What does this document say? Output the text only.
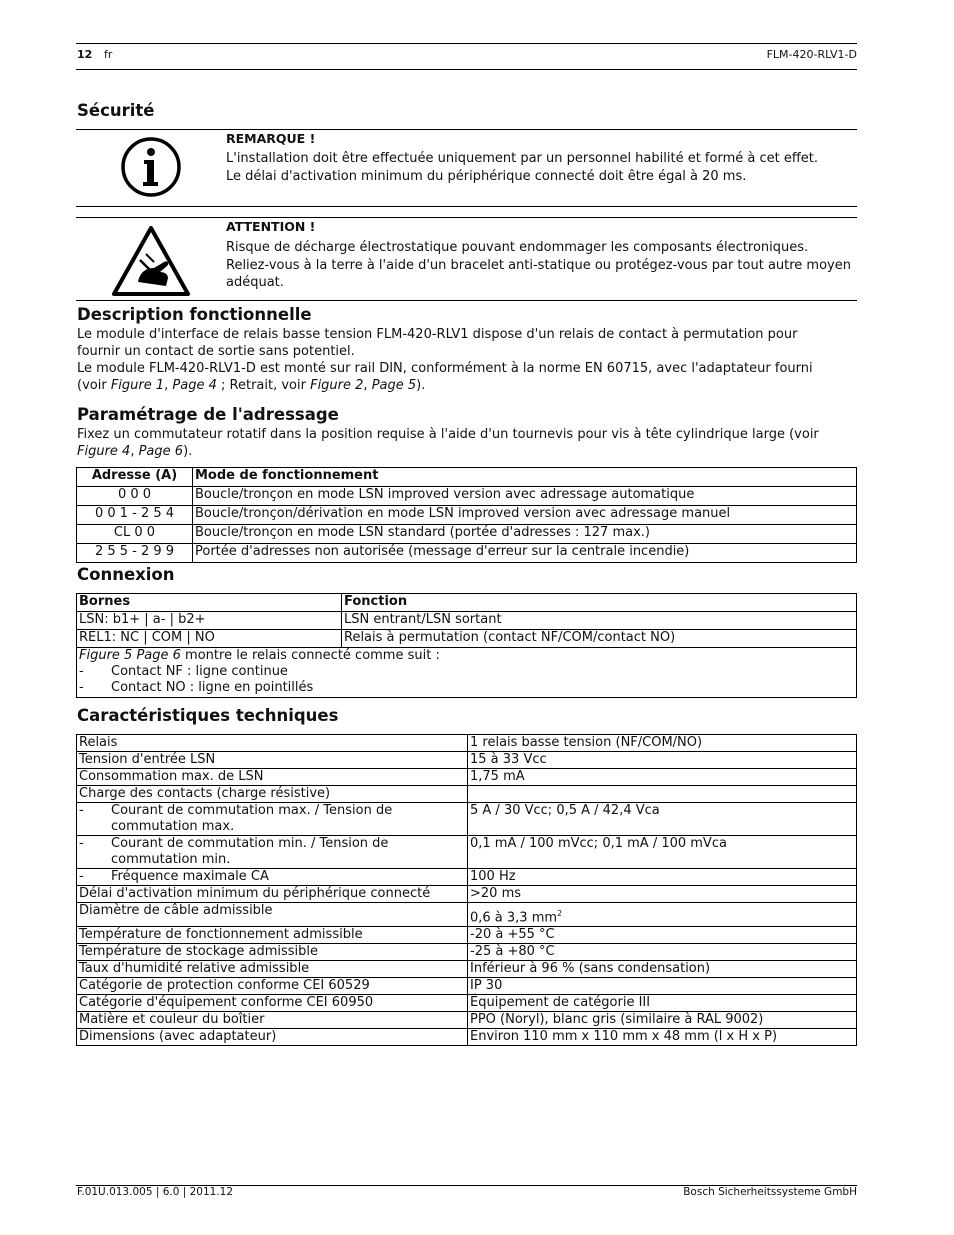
12 fr	FLM-420-RLV1-D
Sécurité
REMARQUE !
L'installation doit être effectuée uniquement par un personnel habilité et formé à cet effet.
Le délai d'activation minimum du périphérique connecté doit être égal à 20 ms.
ATTENTION !
Risque de décharge électrostatique pouvant endommager les composants électroniques.
Reliez-vous à la terre à l'aide d'un bracelet anti-statique ou protégez-vous par tout autre moyen
adéquat.
Description fonctionnelle
Le module d'interface de relais basse tension FLM-420-RLV1 dispose d'un relais de contact à permutation pour
fournir un contact de sortie sans potentiel.
Le module FLM-420-RLV1-D est monté sur rail DIN, conformément à la norme EN 60715, avec l'adaptateur fourni
(voir Figure 1, Page 4 ; Retrait, voir Figure 2, Page 5).
Paramétrage de l'adressage
Fixez un commutateur rotatif dans la position requise à l'aide d'un tournevis pour vis à tête cylindrique large (voir
Figure 4, Page 6).
Adresse (A)	Mode de fonctionnement
0 0 0	Boucle/tronçon en mode LSN improved version avec adressage automatique
0 0 1 - 2 5 4	Boucle/tronçon/dérivation en mode LSN improved version avec adressage manuel
CL 0 0	Boucle/tronçon en mode LSN standard (portée d'adresses : 127 max.)
2 5 5 - 2 9 9	Portée d'adresses non autorisée (message d'erreur sur la centrale incendie)
Connexion
Bornes	Fonction
LSN: b1+ | a- | b2+	LSN entrant/LSN sortant
REL1: NC | COM | NO	Relais à permutation (contact NF/COM/contact NO)

Figure 5 Page 6 montre le relais connecté comme suit :
- Contact NF : ligne continue
- Contact NO : ligne en pointillés	
Caractéristiques techniques
Relais	1 relais basse tension (NF/COM/NO)
Tension d'entrée LSN	15 à 33 Vcc
Consommation max. de LSN	1,75 mA
Charge des contacts (charge résistive)	

- Courant de commutation max. / Tension de commutation max.	5 A / 30 Vcc; 0,5 A / 42,4 Vca

- Courant de commutation min. / Tension de commutation min.	0,1 mA / 100 mVcc; 0,1 mA / 100 mVca

- Fréquence maximale CA	100 Hz
Délai d'activation minimum du périphérique connecté	>20 ms
Diamètre de câble admissible	0,6 à 3,3 $mm^2$
Température de fonctionnement admissible	-20 à +55 °C
Température de stockage admissible	-25 à +80 °C
Taux d'humidité relative admissible	Inférieur à 96 % (sans condensation)
Catégorie de protection conforme CEI 60529	IP 30
Catégorie d'équipement conforme CEI 60950	Équipement de catégorie III
Matière et couleur du boîtier	PPO (Noryl), blanc gris (similaire à RAL 9002)
Dimensions (avec adaptateur)	Environ 110 mm x 110 mm x 48 mm (l x H x P)
F.01U.013.005 | 6.0 | 2011.12	Bosch Sicherheitssysteme GmbH
